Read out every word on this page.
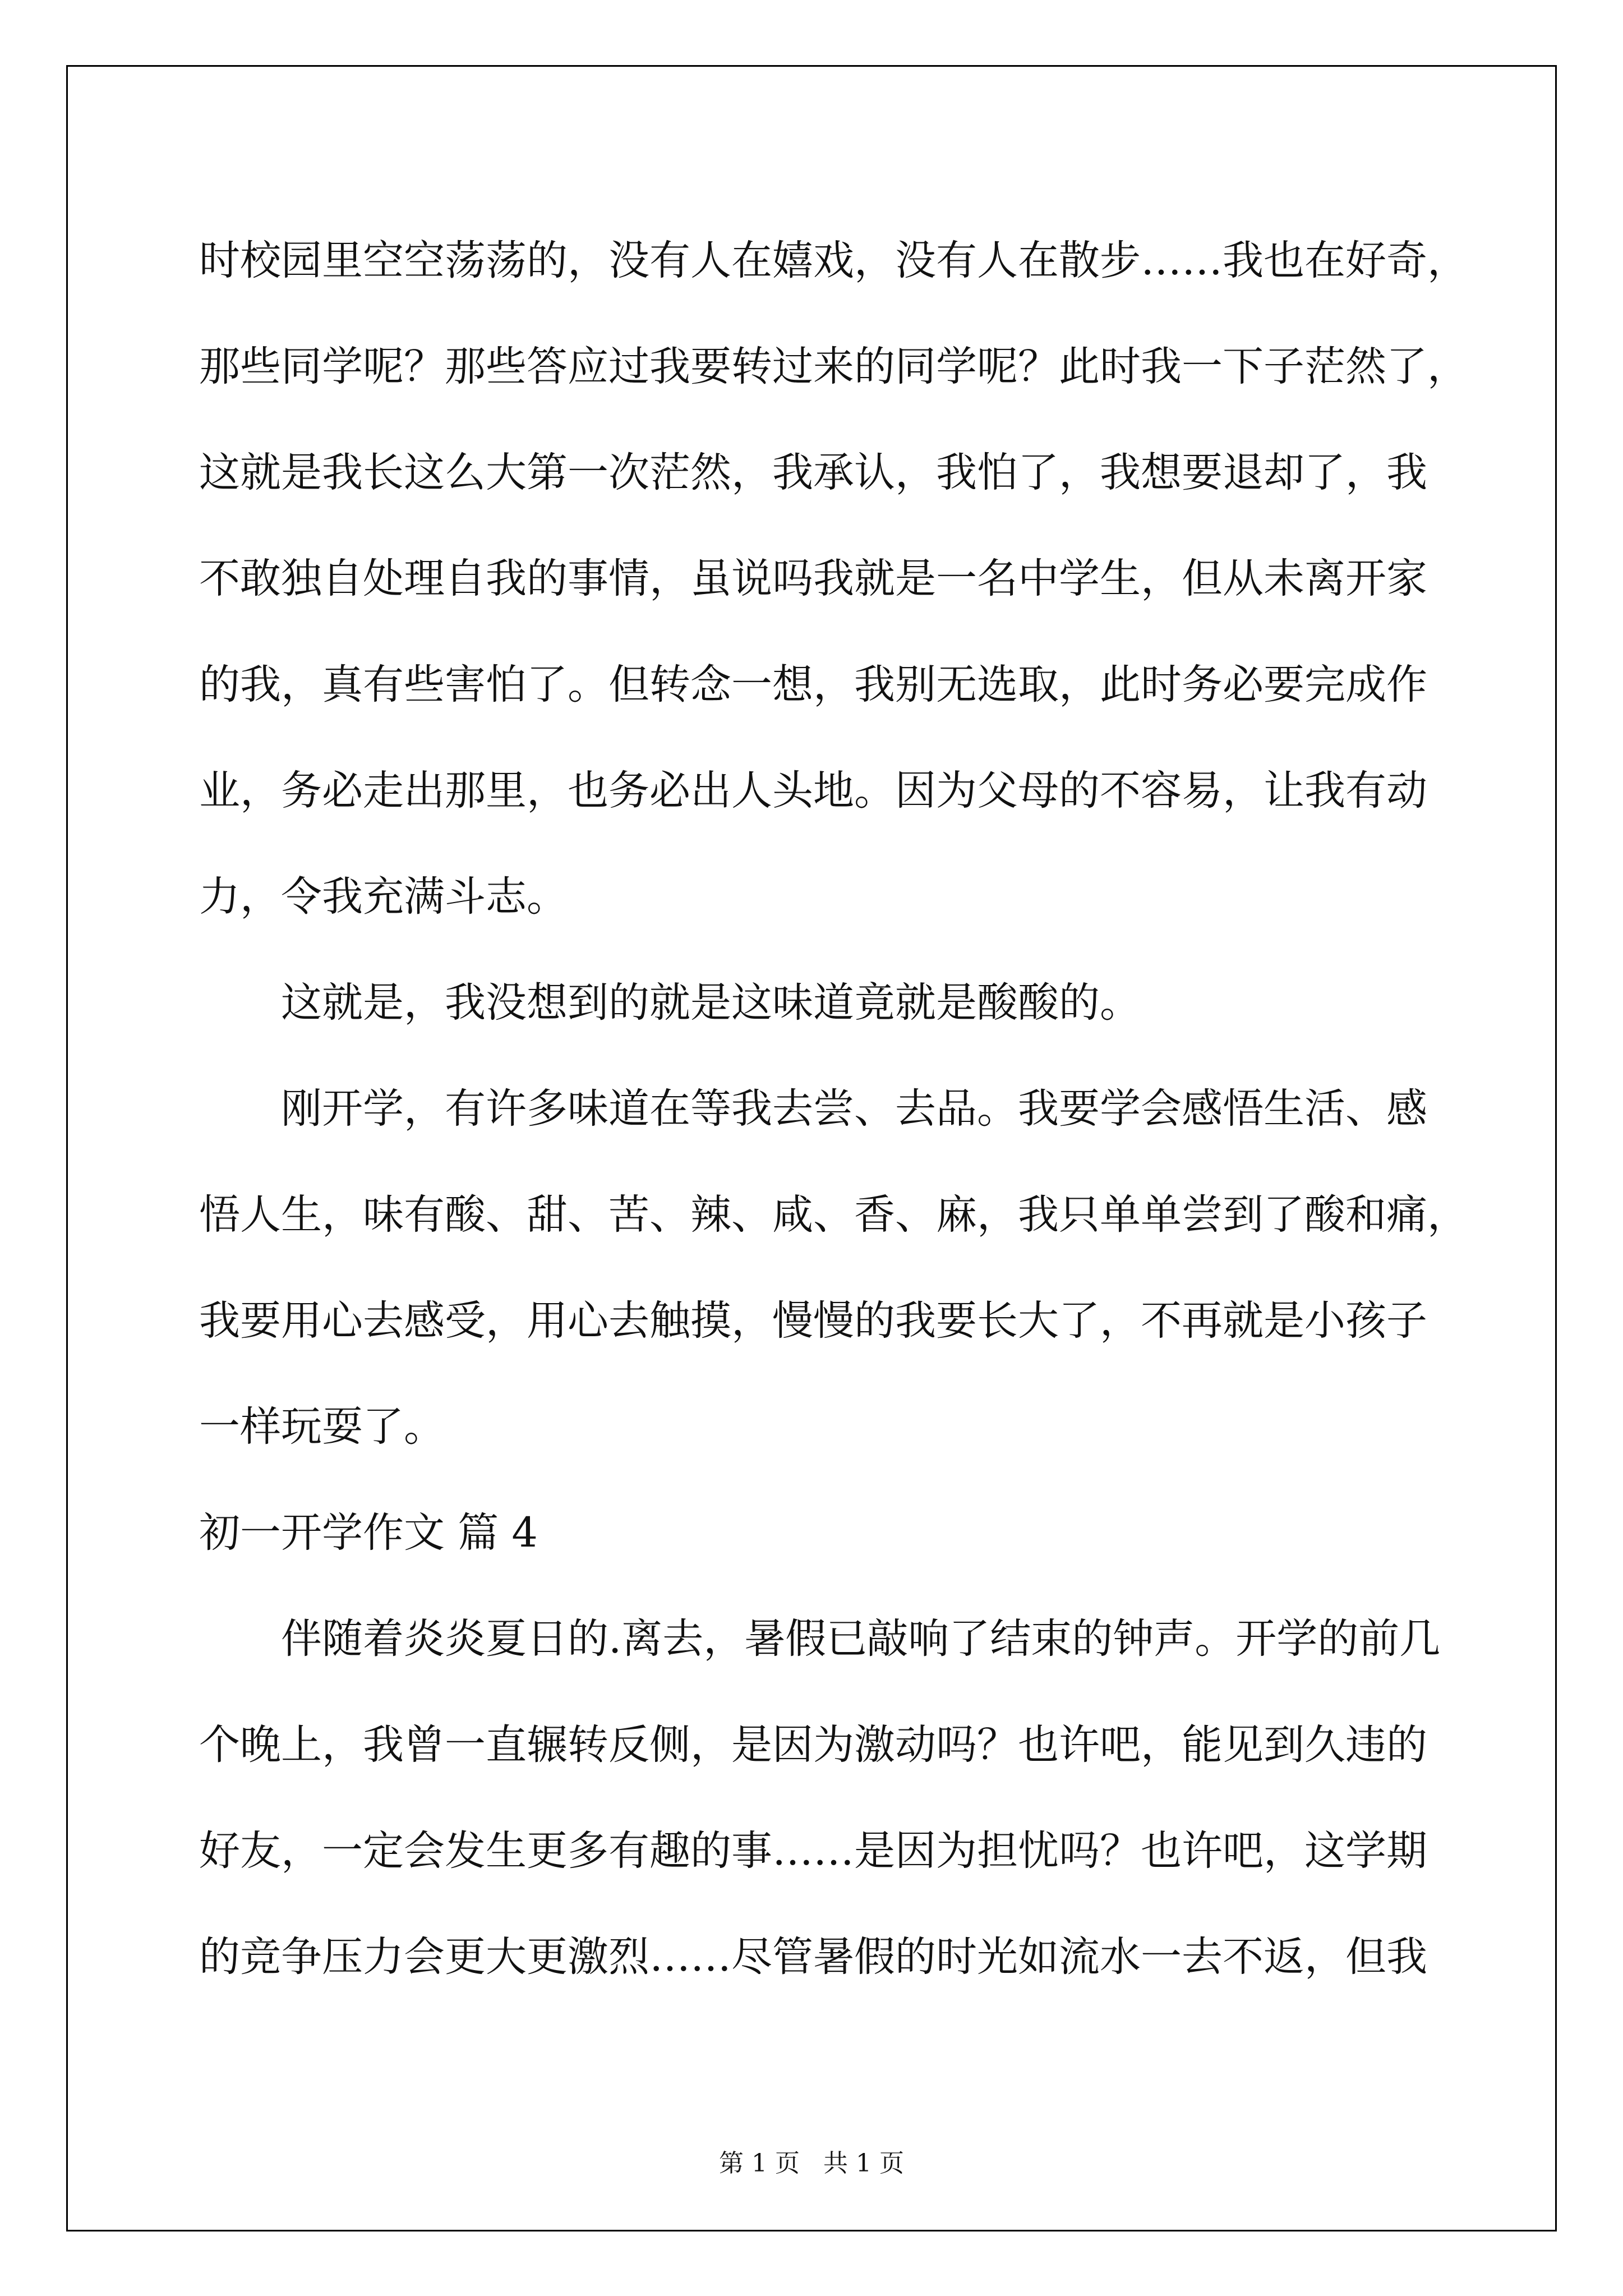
时校园里空空荡荡的，没有人在嬉戏，没有人在散步……我也在好奇，

那些同学呢？那些答应过我要转过来的同学呢？此时我一下子茫然了，

这就是我长这么大第一次茫然，我承认，我怕了，我想要退却了，我

不敢独自处理自我的事情，虽说吗我就是一名中学生，但从未离开家

的我，真有些害怕了。但转念一想，我别无选取，此时务必要完成作

业，务必走出那里，也务必出人头地。因为父母的不容易，让我有动

力，令我充满斗志。

这就是，我没想到的就是这味道竟就是酸酸的。

刚开学，有许多味道在等我去尝、去品。我要学会感悟生活、感

悟人生，味有酸、甜、苦、辣、咸、香、麻，我只单单尝到了酸和痛，

我要用心去感受，用心去触摸，慢慢的我要长大了，不再就是小孩子

一样玩耍了。

初一开学作文 篇 4

伴随着炎炎夏日的.离去，暑假已敲响了结束的钟声。开学的前几

个晚上，我曾一直辗转反侧，是因为激动吗？也许吧，能见到久违的

好友，一定会发生更多有趣的事……是因为担忧吗？也许吧，这学期

的竞争压力会更大更激烈……尽管暑假的时光如流水一去不返，但我

第 1 页   共 1 页
